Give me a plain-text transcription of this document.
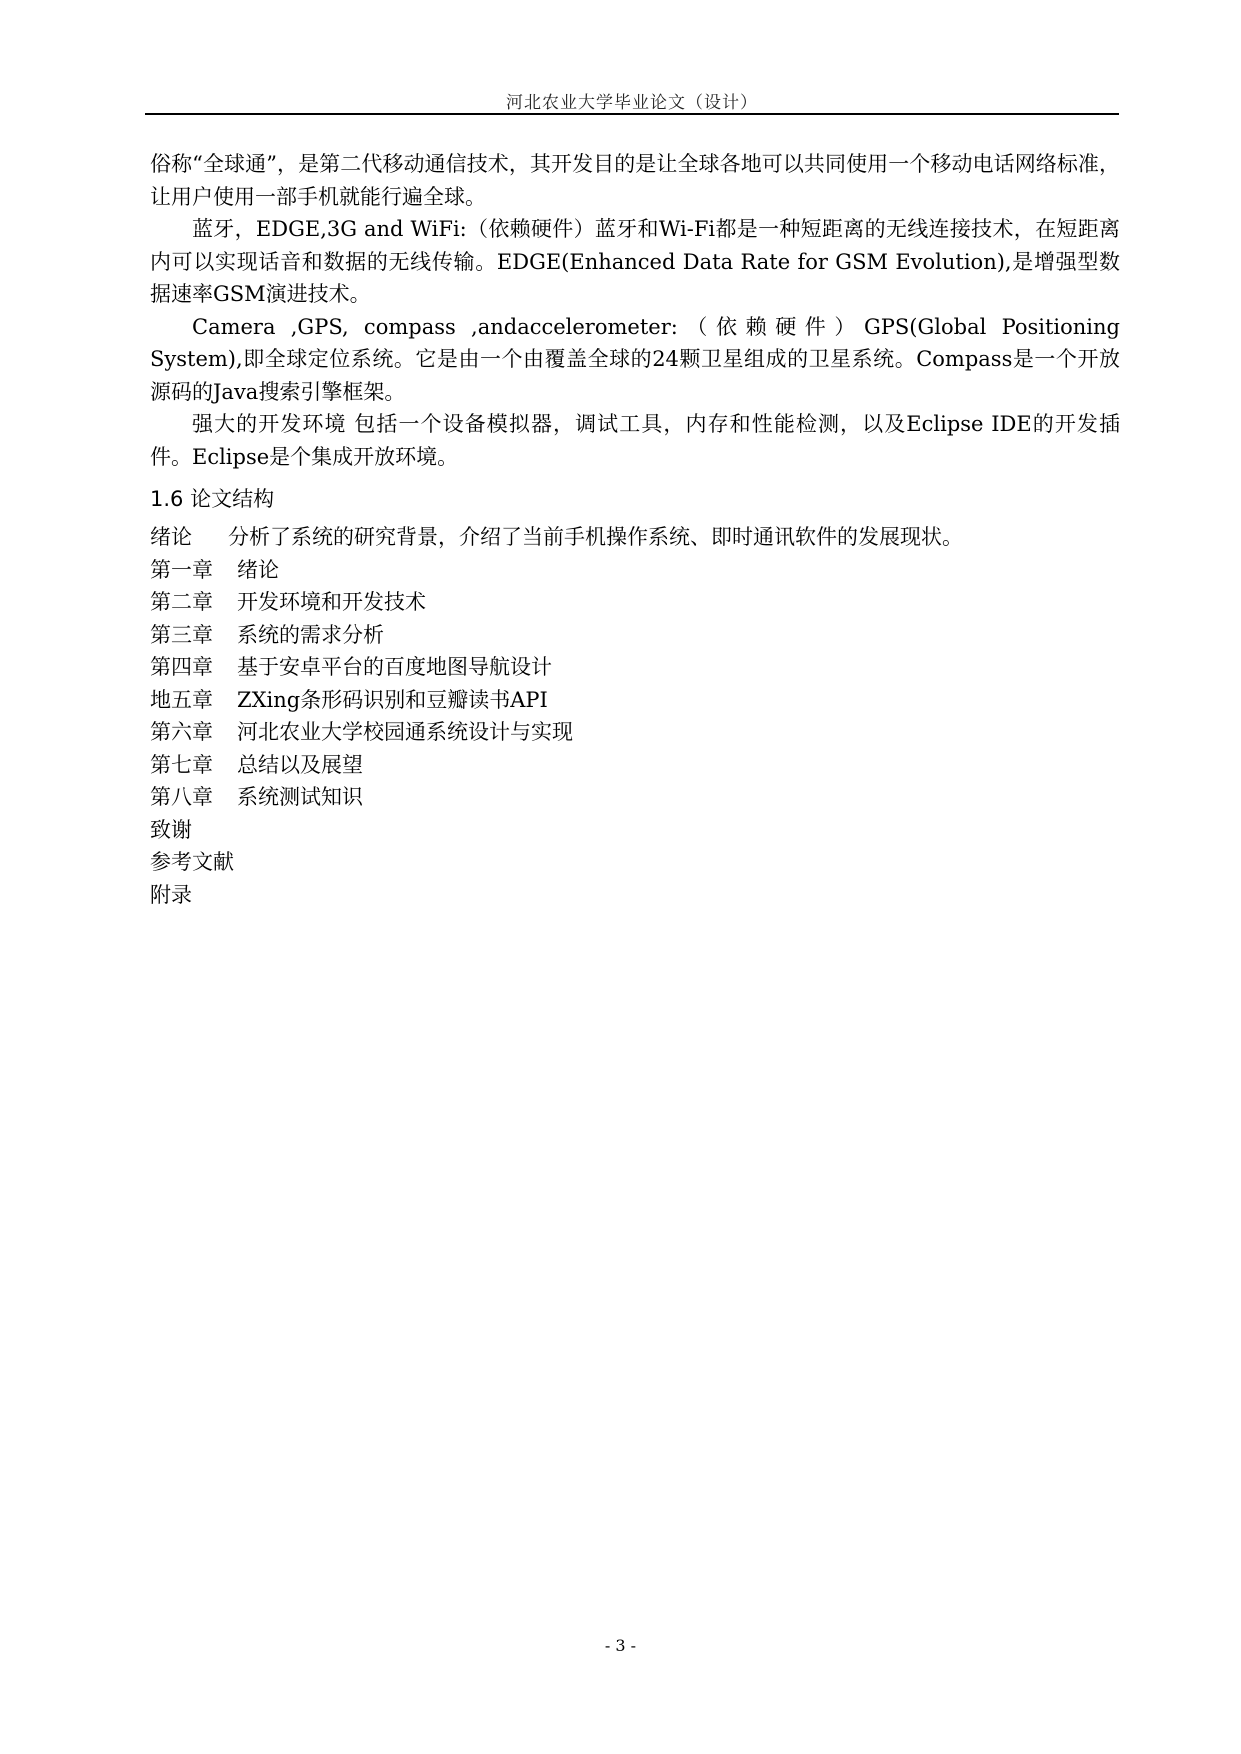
河北农业大学毕业论文（设计）

俗称“全球通”，是第二代移动通信技术，其开发目的是让全球各地可以共同使用一个移动电话网络标准，让用户使用一部手机就能行遍全球。

蓝牙，EDGE,3G and WiFi:（依赖硬件）蓝牙和Wi-Fi都是一种短距离的无线连接技术，在短距离内可以实现话音和数据的无线传输。EDGE(Enhanced Data Rate for GSM Evolution),是增强型数据速率GSM演进技术。

Camera ,GPS, compass ,andaccelerometer:（依赖硬件）GPS(Global Positioning System),即全球定位系统。它是由一个由覆盖全球的24颗卫星组成的卫星系统。Compass是一个开放源码的Java搜索引擎框架。

强大的开发环境 包括一个设备模拟器，调试工具，内存和性能检测，以及Eclipse IDE的开发插件。Eclipse是个集成开放环境。

1.6 论文结构
绪论 分析了系统的研究背景，介绍了当前手机操作系统、即时通讯软件的发展现状。
第一章 绪论
第二章 开发环境和开发技术
第三章 系统的需求分析
第四章 基于安卓平台的百度地图导航设计
地五章 ZXing条形码识别和豆瓣读书API
第六章 河北农业大学校园通系统设计与实现
第七章 总结以及展望
第八章 系统测试知识
致谢
参考文献
附录
- 3 -
